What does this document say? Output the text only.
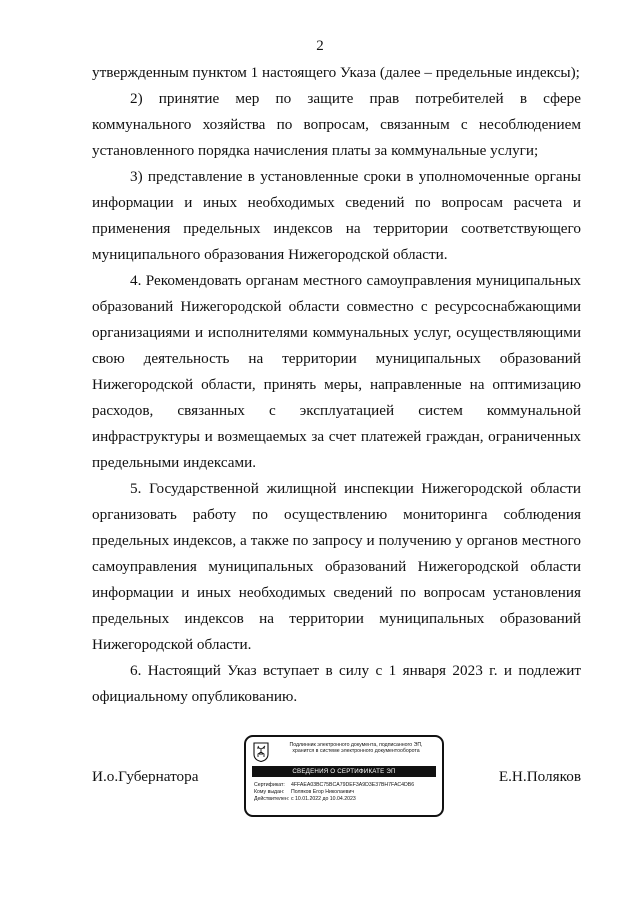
2

утвержденным пунктом 1 настоящего Указа (далее – предельные индексы);

2) принятие мер по защите прав потребителей в сфере коммунального хозяйства по вопросам, связанным с несоблюдением установленного порядка начисления платы за коммунальные услуги;

3) представление в установленные сроки в уполномоченные органы информации и иных необходимых сведений по вопросам расчета и применения предельных индексов на территории соответствующего муниципального образования Нижегородской области.

4. Рекомендовать органам местного самоуправления муниципальных образований Нижегородской области совместно с ресурсоснабжающими организациями и исполнителями коммунальных услуг, осуществляющими свою деятельность на территории муниципальных образований Нижегородской области, принять меры, направленные на оптимизацию расходов, связанных с эксплуатацией систем коммунальной инфраструктуры и возмещаемых за счет платежей граждан, ограниченных предельными индексами.

5. Государственной жилищной инспекции Нижегородской области организовать работу по осуществлению мониторинга соблюдения предельных индексов, а также по запросу и получению у органов местного самоуправления муниципальных образований Нижегородской области информации и иных необходимых сведений по вопросам установления предельных индексов на территории муниципальных образований Нижегородской области.

6. Настоящий Указ вступает в силу с 1 января 2023 г. и подлежит официальному опубликованию.

И.о.Губернатора	Е.Н.Поляков
Подлинник электронного документа, подписанного ЭП,
хранится в системе электронного документооборота
СВЕДЕНИЯ О СЕРТИФИКАТЕ ЭП
Сертификат: 4FFAEA03BC75BCA79DEF3A9D3E37BH7FAC4DB6
Кому выдан: Поляков Егор Николаевич
Действителен: с 10.01.2022 до 10.04.2023
